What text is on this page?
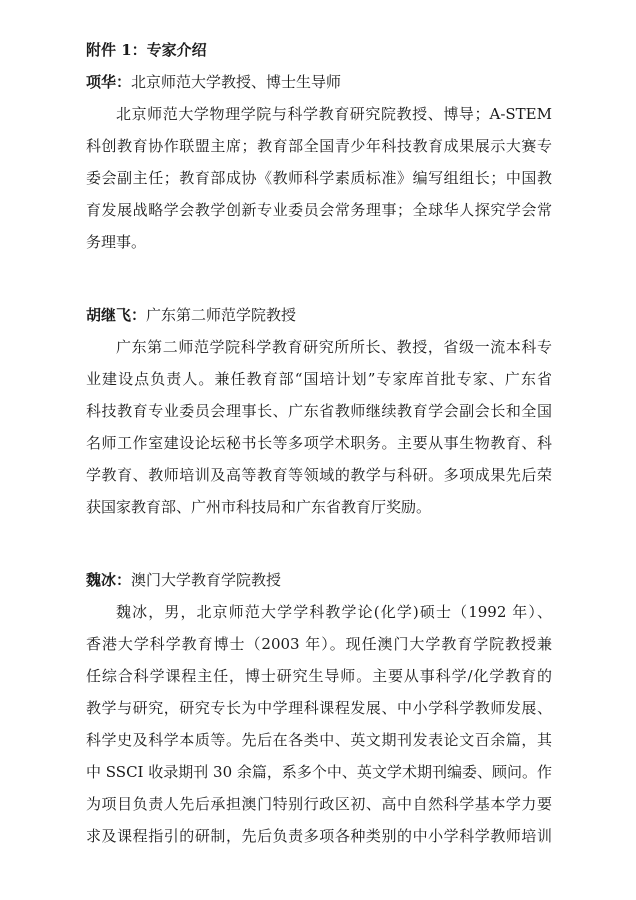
附件 1：专家介绍
项华：北京师范大学教授、博士生导师
北京师范大学物理学院与科学教育研究院教授、博导；A-STEM
科创教育协作联盟主席；教育部全国青少年科技教育成果展示大赛专
委会副主任；教育部成协《教师科学素质标准》编写组组长；中国教
育发展战略学会教学创新专业委员会常务理事；全球华人探究学会常
务理事。
胡继飞：广东第二师范学院教授
广东第二师范学院科学教育研究所所长、教授，省级一流本科专
业建设点负责人。兼任教育部“国培计划”专家库首批专家、广东省
科技教育专业委员会理事长、广东省教师继续教育学会副会长和全国
名师工作室建设论坛秘书长等多项学术职务。主要从事生物教育、科
学教育、教师培训及高等教育等领域的教学与科研。多项成果先后荣
获国家教育部、广州市科技局和广东省教育厅奖励。
魏冰：澳门大学教育学院教授
魏冰，男，北京师范大学学科教学论(化学)硕士（1992 年）、
香港大学科学教育博士（2003 年）。现任澳门大学教育学院教授兼
任综合科学课程主任，博士研究生导师。主要从事科学/化学教育的
教学与研究，研究专长为中学理科课程发展、中小学科学教师发展、
科学史及科学本质等。先后在各类中、英文期刊发表论文百余篇，其
中 SSCI 收录期刊 30 余篇，系多个中、英文学术期刊编委、顾问。作
为项目负责人先后承担澳门特别行政区初、高中自然科学基本学力要
求及课程指引的研制，先后负责多项各种类别的中小学科学教师培训
